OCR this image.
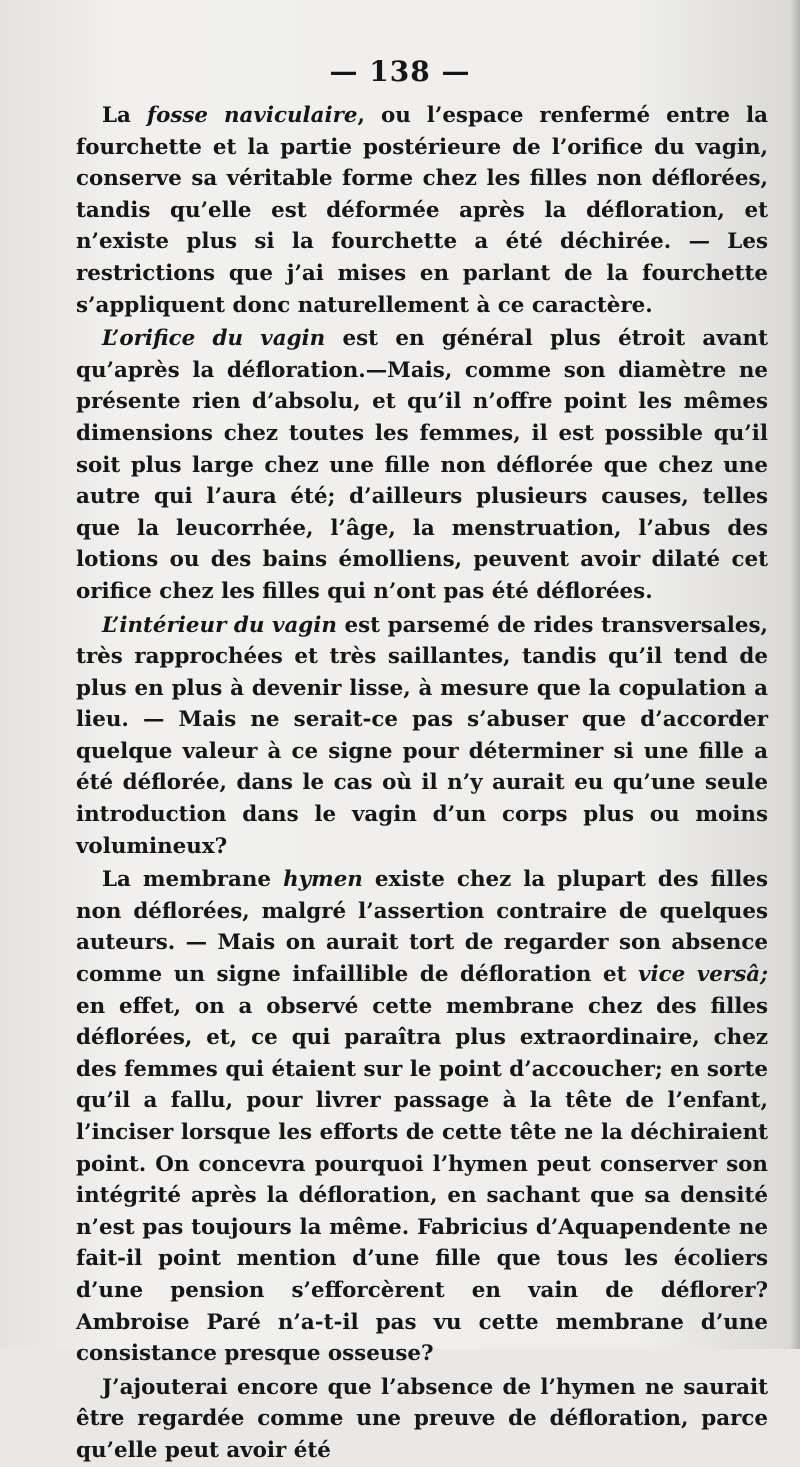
— 138 —

La fosse naviculaire, ou l’espace renfermé entre la fourchette et la partie postérieure de l’orifice du vagin, conserve sa véritable forme chez les filles non déflorées, tandis qu’elle est déformée après la défloration, et n’existe plus si la fourchette a été déchirée. — Les restrictions que j’ai mises en parlant de la fourchette s’appliquent donc naturellement à ce caractère.

L’orifice du vagin est en général plus étroit avant qu’après la défloration.—Mais, comme son diamètre ne présente rien d’absolu, et qu’il n’offre point les mêmes dimensions chez toutes les femmes, il est possible qu’il soit plus large chez une fille non déflorée que chez une autre qui l’aura été; d’ailleurs plusieurs causes, telles que la leucorrhée, l’âge, la menstruation, l’abus des lotions ou des bains émolliens, peuvent avoir dilaté cet orifice chez les filles qui n’ont pas été déflorées.

L’intérieur du vagin est parsemé de rides transversales, très rapprochées et très saillantes, tandis qu’il tend de plus en plus à devenir lisse, à mesure que la copulation a lieu. — Mais ne serait-ce pas s’abuser que d’accorder quelque valeur à ce signe pour déterminer si une fille a été déflorée, dans le cas où il n’y aurait eu qu’une seule introduction dans le vagin d’un corps plus ou moins volumineux?

La membrane hymen existe chez la plupart des filles non déflorées, malgré l’assertion contraire de quelques auteurs. — Mais on aurait tort de regarder son absence comme un signe infaillible de défloration et vice versâ; en effet, on a observé cette membrane chez des filles déflorées, et, ce qui paraîtra plus extraordinaire, chez des femmes qui étaient sur le point d’accoucher; en sorte qu’il a fallu, pour livrer passage à la tête de l’enfant, l’inciser lorsque les efforts de cette tête ne la déchiraient point. On concevra pourquoi l’hymen peut conserver son intégrité après la défloration, en sachant que sa densité n’est pas toujours la même. Fabricius d’Aquapendente ne fait-il point mention d’une fille que tous les écoliers d’une pension s’efforcèrent en vain de déflorer? Ambroise Paré n’a-t-il pas vu cette membrane d’une consistance presque osseuse?

J’ajouterai encore que l’absence de l’hymen ne saurait être regardée comme une preuve de défloration, parce qu’elle peut avoir été
